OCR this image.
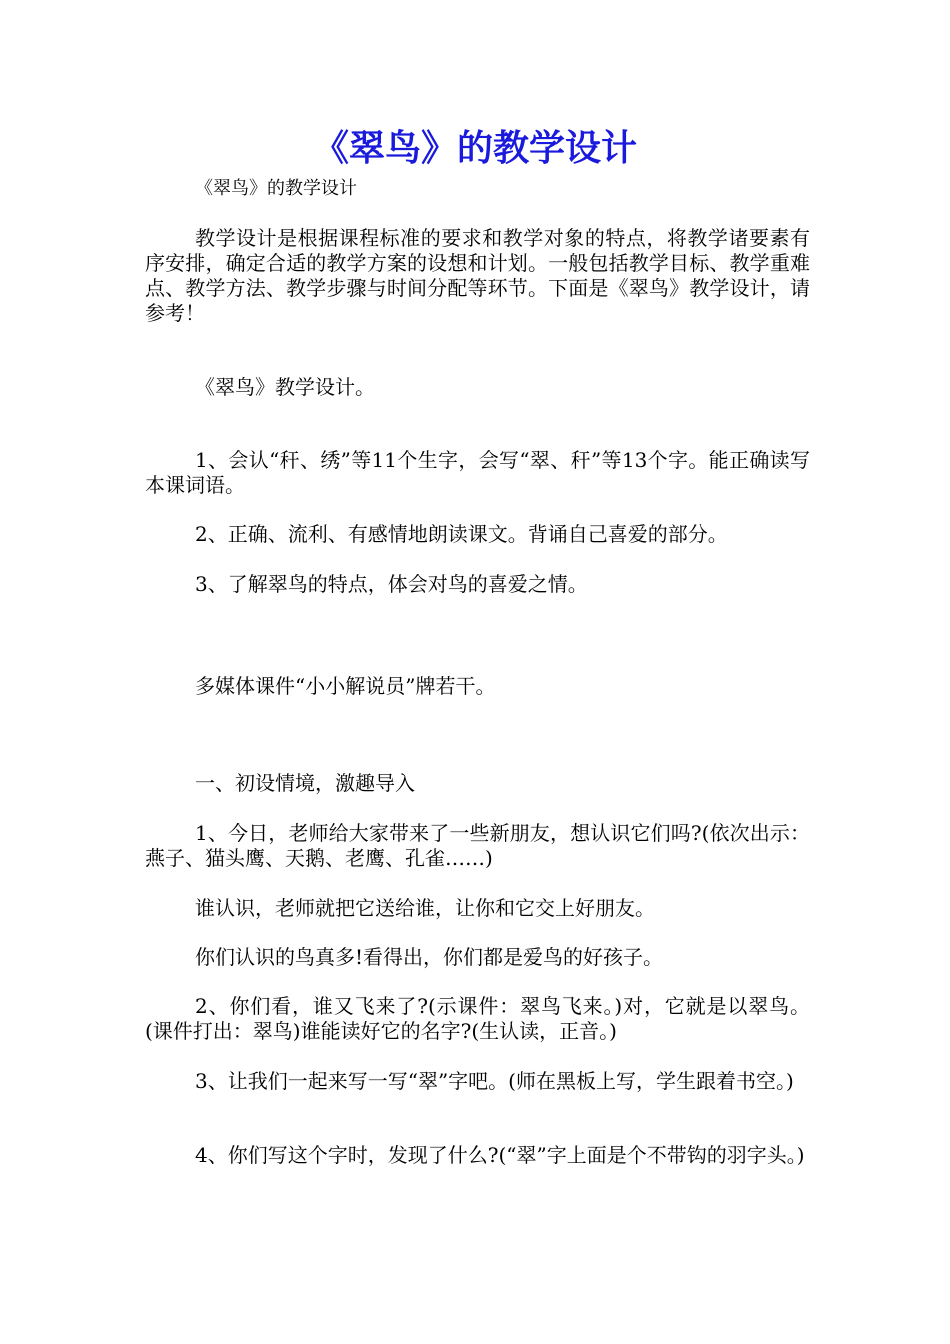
《翠鸟》的教学设计

《翠鸟》的教学设计

教学设计是根据课程标准的要求和教学对象的特点，将教学诸要素有序安排，确定合适的教学方案的设想和计划。一般包括教学目标、教学重难点、教学方法、教学步骤与时间分配等环节。下面是《翠鸟》教学设计，请参考！

《翠鸟》教学设计。

1、会认“秆、绣”等11个生字，会写“翠、秆”等13个字。能正确读写本课词语。

2、正确、流利、有感情地朗读课文。背诵自己喜爱的部分。

3、了解翠鸟的特点，体会对鸟的喜爱之情。

多媒体课件“小小解说员”牌若干。

一、初设情境，激趣导入

1、今日，老师给大家带来了一些新朋友，想认识它们吗?(依次出示：燕子、猫头鹰、天鹅、老鹰、孔雀……)

谁认识，老师就把它送给谁，让你和它交上好朋友。

你们认识的鸟真多!看得出，你们都是爱鸟的好孩子。

2、你们看，谁又飞来了?(示课件：翠鸟飞来。)对，它就是以翠鸟。(课件打出：翠鸟)谁能读好它的名字?(生认读，正音。)

3、让我们一起来写一写“翠”字吧。(师在黑板上写，学生跟着书空。)

4、你们写这个字时，发现了什么?(“翠”字上面是个不带钩的羽字头。)
